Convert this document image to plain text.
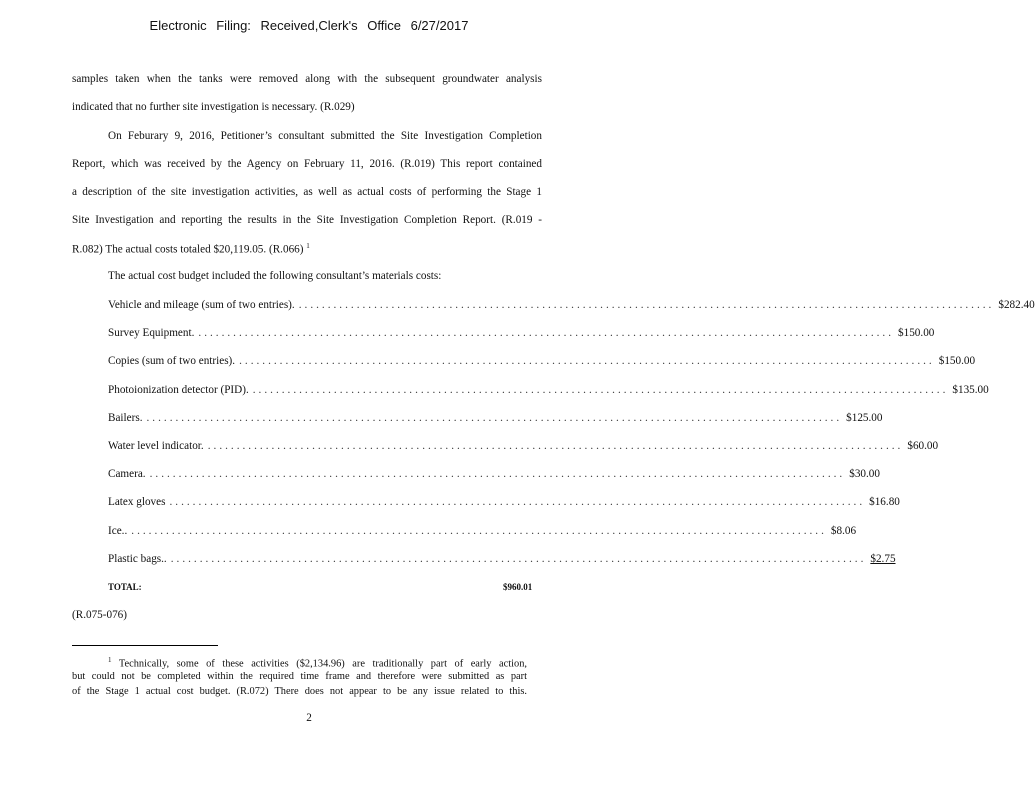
Electronic Filing: Received,Clerk's Office 6/27/2017
samples taken when the tanks were removed along with the subsequent groundwater analysis
indicated that no further site investigation is necessary. (R.029)
On Feburary 9, 2016, Petitioner’s consultant submitted the Site Investigation Completion
Report, which was received by the Agency on February 11, 2016. (R.019) This report contained
a description of the site investigation activities, as well as actual costs of performing the Stage 1
Site Investigation and reporting the results in the Site Investigation Completion Report. (R.019 -
R.082) The actual costs totaled $20,119.05. (R.066) $^1$
The actual cost budget included the following consultant’s materials costs:
Vehicle and mileage (sum of two entries). ........................................................................................................................ $282.40
Survey Equipment. ........................................................................................................................ $150.00
Copies (sum of two entries). ........................................................................................................................ $150.00
Photoionization detector (PID). ........................................................................................................................ $135.00
Bailers. ........................................................................................................................ $125.00
Water level indicator. ........................................................................................................................ $60.00
Camera. ........................................................................................................................ $30.00
Latex gloves ........................................................................................................................ $16.80
Ice.. ........................................................................................................................ $8.06
Plastic bags.. ........................................................................................................................ $2.75
TOTAL:	$960.01
(R.075-076)
$^1$ Technically, some of these activities ($2,134.96) are traditionally part of early action,
but could not be completed within the required time frame and therefore were submitted as part
of the Stage 1 actual cost budget. (R.072) There does not appear to be any issue related to this.
2
